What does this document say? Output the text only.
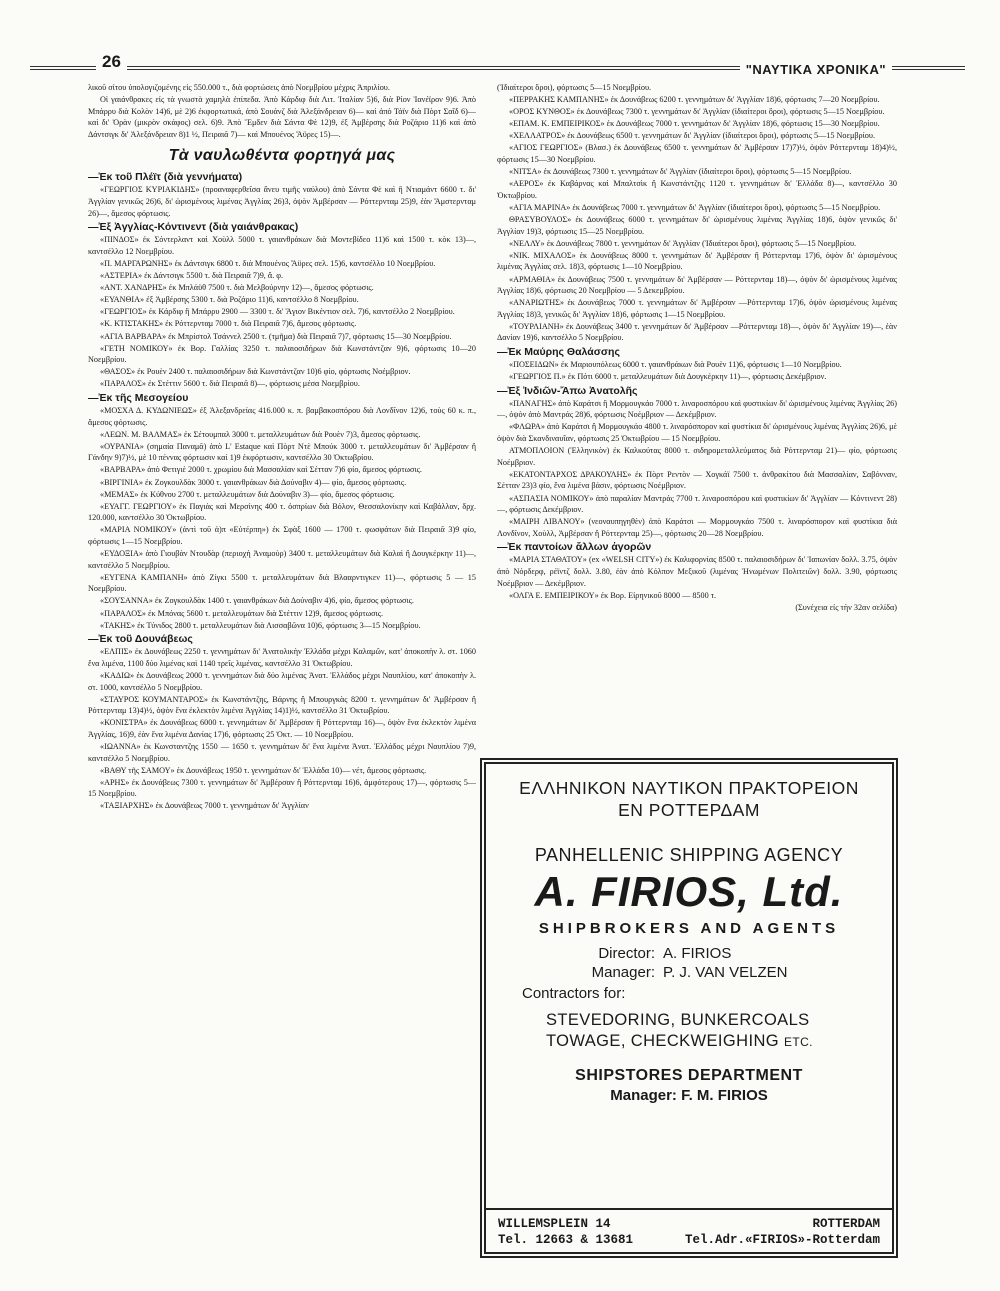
26	"ΝΑΥΤΙΚΑ ΧΡΟΝΙΚΑ"

λικοῦ σίτου ὑπολογιζομένης εἰς 550.000 τ., διὰ φορτώσεις ἀπὸ Νοεμβρίου μέχρις Ἀπριλίου.

Οἱ γαιάνθρακες εἰς τὰ γνωστὰ χαμηλὰ ἐπίπεδα. Ἀπὸ Κάρδιφ διὰ Λιτ. Ἰταλίαν 5)6, διὰ Ρίον Ἰανέϊρον 9)6. Ἀπὸ Μπάρρυ διὰ Κολὸν 14)6, μὲ 2)6 ἐκφορτωτικά, ἀπὸ Σουάνζ διὰ Ἀλεξάνδρειαν 6)— καὶ ἀπὸ Τάϊν διὰ Πὸρτ Σαΐδ 6)— καὶ δι' Ὀρὰν (μικρὸν σκάφος) σελ. 6)9. Ἀπὸ Ἔμδεν διὰ Σάντα Φὲ 12)9, ἐξ Ἀμβέρσης διὰ Ροζάριο 11)6 καὶ ἀπὸ Δάντσιγκ δι' Ἀλεξάνδρειαν 8)1 ½, Πειραιᾶ 7)— καὶ Μπουένος Ἄϋρες 15)—.

Τὰ ναυλωθέντα φορτηγά μας
—Ἐκ τοῦ Πλέϊτ (διὰ γεννήματα)

«ΓΕΩΡΓΙΟΣ ΚΥΡΙΑΚΙΔΗΣ» (προαναφερθεῖσα ἄνευ τιμῆς ναύλου) ἀπὸ Σάντα Φὲ καὶ ἢ Ντιαμάντ 6600 τ. δι' Ἀγγλίαν γενικῶς 26)6, δι' ὡρισμένους λιμένας Ἀγγλίας 26)3, ὀψὸν Ἀμβέρσαν — Ρόττερνταμ 25)9, ἐὰν Ἄμστερνταμ 26)—, ἄμεσος φόρτωσις.

—Ἐξ Ἀγγλίας-Κόντινεντ (διὰ γαιάνθρακας)

«ΠΙΝΔΟΣ» ἐκ Σόντερλαντ καὶ Χοὺλλ 5000 τ. γαιανθράκων διὰ Μοντεβίδεο 11)6 καὶ 1500 τ. κὸκ 13)—, καντσέλλο 12 Νοεμβρίου.

«Π. ΜΑΡΓΑΡΩΝΗΣ» ἐκ Δάντσιγκ 6800 τ. διὰ Μπουένος Ἄϋρες σελ. 15)6, καντσέλλο 10 Νοεμβρίου.

«ΑΣΤΕΡΙΑ» ἐκ Δάντσιγκ 5500 τ. διὰ Πειραιᾶ 7)9, ἄ. φ.

«ΑΝΤ. ΧΑΝΔΡΗΣ» ἐκ Μπλάϋθ 7500 τ. διὰ Μελβούρνην 12)—, ἄμεσος φόρτωσις.

«ΕΥΑΝΘΙΑ» ἐξ Ἀμβέρσης 5300 τ. διὰ Ροζάριο 11)6, καντσέλλο 8 Νοεμβρίου.

«ΓΕΩΡΓΙΟΣ» ἐκ Κάρδιφ ἢ Μπάρρυ 2900 — 3300 τ. δι' Ἅγιον Βικέντιον σελ. 7)6, καντσέλλο 2 Νοεμβρίου.

«Κ. ΚΤΙΣΤΑΚΗΣ» ἐκ Ρόττερνταμ 7000 τ. διὰ Πειραιᾶ 7)6, ἄμεσος φόρτωσις.

«ΑΓΙΑ ΒΑΡΒΑΡΑ» ἐκ Μπρίστολ Τσάννελ 2500 τ. (τμῆμα) διὰ Πειραιᾶ 7)7, φόρτωσις 15—30 Νοεμβρίου.

«ΓΕΤΗ ΝΟΜΙΚΟΥ» ἐκ Βορ. Γαλλίας 3250 τ. παλαιοσιδήρων διὰ Κωνστάντζαν 9)6, φόρτωσις 10—20 Νοεμβρίου.

«ΘΑΣΟΣ» ἐκ Ρουὲν 2400 τ. παλαιοσιδήρων διὰ Κωνστάντζαν 10)6 φίο, φόρτωσις Νοέμβριον.

«ΠΑΡΑΛΟΣ» ἐκ Στέττιν 5600 τ. διὰ Πειραιᾶ 8)—, φόρτωσις μέσα Νοεμβρίου.

—Ἐκ τῆς Μεσογείου

«ΜΟΣΧΑ Δ. ΚΥΔΩΝΙΕΩΣ» ἐξ Ἀλεξανδρείας 416.000 κ. π. βαμβακοσπόρου διὰ Λονδῖνον 12)6, τοὺς 60 κ. π., ἄμεσος φόρτωσις.

«ΛΕΩΝ. Μ. ΒΑΛΜΑΣ» ἐκ Σέτουμπαλ 3000 τ. μεταλλευμάτων διὰ Ρουὲν 7)3, ἄμεσος φόρτωσις.

«ΟΥΡΑΝΙΑ» (σημαία Παναμᾶ) ἀπὸ L' Estaque καὶ Πὸρτ Ντὲ Μπούκ 3000 τ. μεταλλευμάτων δι' Ἀμβέρσαν ἢ Γάνδην 9)7)½, μὲ 10 πέννας φόρτωσιν καὶ 1)9 ἐκφόρτωσιν, καντσέλλο 30 Ὀκτωβρίου.

«ΒΑΡΒΑΡΑ» ἀπὸ Φετιγιὲ 2000 τ. χρωμίου διὰ Μασσαλίαν καὶ Σέτταν 7)6 φίο, ἄμεσος φόρτωσις.

«ΒΙΡΓΙΝΙΑ» ἐκ Ζογκουλδὰκ 3000 τ. γαιανθράκων διὰ Δούναβιν 4)— φίο, ἄμεσος φόρτωσις.

«ΜΕΜΑΣ» ἐκ Κύθνου 2700 τ. μεταλλευμάτων διὰ Δούναβιν 3)— φίο, ἄμεσος φόρτωσις.

«ΕΥΑΓΓ. ΓΕΩΡΓΙΟΥ» ἐκ Παγιὰς καὶ Μερσίνης 400 τ. ὀσπρίων διὰ Βόλον, Θεσσαλονίκην καὶ Καβάλλαν, δρχ. 120.000, καντσέλλο 30 Ὀκτωβρίου.

«ΜΑΡΙΑ ΝΟΜΙΚΟΥ» (ἀντὶ τοῦ ἀ)π «Εὐτέρπη») ἐκ Σφὰξ 1600 — 1700 τ. φωσφάτων διὰ Πειραιᾶ 3)9 φίο, φόρτωσις 1—15 Νοεμβρίου.

«ΕΥΔΟΞΙΑ» ἀπὸ Γιουβὰν Ντουδὰρ (περιοχὴ Ἀναμοὺρ) 3400 τ. μεταλλευμάτων διὰ Καλαὶ ἢ Δουγκέρκην 11)—, καντσέλλο 5 Νοεμβρίου.

«ΕΥΓΕΝΑ ΚΑΜΠΑΝΗ» ἀπὸ Ζίγκι 5500 τ. μεταλλευμάτων διὰ Βλααρντιγκεν 11)—, φόρτωσις 5 — 15 Νοεμβρίου.

«ΣΟΥΣΑΝΝΑ» ἐκ Ζογκουλδὰκ 1400 τ. γαιανθράκων διὰ Δούναβιν 4)6, φίο, ἄμεσος φόρτωσις.

«ΠΑΡΑΛΟΣ» ἐκ Μπόνας 5600 τ. μεταλλευμάτων διὰ Στέττιν 12)9, ἄμεσος φόρτωσις.

«ΤΑΚΗΣ» ἐκ Τύνιδος 2800 τ. μεταλλευμάτων διὰ Λισσαβῶνα 10)6, φόρτωσις 3—15 Νοεμβρίου.

—Ἐκ τοῦ Δουνάβεως

«ΕΛΠΙΣ» ἐκ Δουνάβεως 2250 τ. γεννημάτων δι' Ἀνατολικὴν Ἑλλάδα μέχρι Καλαμῶν, κατ' ἀποκοπὴν λ. στ. 1060 ἕνα λιμένα, 1100 δύο λιμένας καὶ 1140 τρεῖς λιμένας, καντσέλλο 31 Ὀκτωβρίου.

«ΚΑΔΙΩ» ἐκ Δουνάβεως 2000 τ. γεννημάτων διὰ δύο λιμένας Ἀνατ. Ἑλλάδος μέχρι Ναυπλίου, κατ' ἀποκοπὴν λ. στ. 1000, καντσέλλο 5 Νοεμβρίου.

«ΣΤΑΥΡΟΣ ΚΟΥΜΑΝΤΑΡΟΣ» ἐκ Κωνστάντζης, Βάρνης ἢ Μπουργκὰς 8200 τ. γεννημάτων δι' Ἀμβέρσαν ἢ Ρόττερνταμ 13)4)½, ὀψὸν ἕνα ἐκλεκτὸν λιμένα Ἀγγλίας 14)1)½, καντσέλλο 31 Ὀκτωβρίου.

«ΚΟΝΙΣΤΡΑ» ἐκ Δουνάβεως 6000 τ. γεννημάτων δι' Ἀμβέρσαν ἢ Ρόττερνταμ 16)—, ὀψὸν ἕνα ἐκλεκτὸν λιμένα Ἀγγλίας, 16)9, ἐὰν ἕνα λιμένα Δανίας 17)6, φόρτωσις 25 Ὀκτ. — 10 Νοεμβρίου.

«ΙΩΑΝΝΑ» ἐκ Κωνσταντζης 1550 — 1650 τ. γεννημάτων δι' ἕνα λιμένα Ἀνατ. Ἑλλάδος μέχρι Ναυπλίου 7)9, καντσέλλο 5 Νοεμβρίου.

«ΒΑΘΥ τῆς ΣΑΜΟΥ» ἐκ Δουνάβεως 1950 τ. γεννημάτων δι' Ἑλλάδα 10)— νέτ, ἄμεσος φόρτωσις.

«ΑΡΗΣ» ἐκ Δουνάβεως 7300 τ. γεννημάτων δι' Ἀμβέρσαν ἢ Ρόττερνταμ 16)6, ἀμφότερους 17)—, φόρτωσις 5—15 Νοεμβρίου.

«ΤΑΞΙΑΡΧΗΣ» ἐκ Δουνάβεως 7000 τ. γεννημάτων δι' Ἀγγλίαν

(Ἰδιαίτεροι ὅροι), φόρτωσις 5—15 Νοεμβρίου.

«ΠΕΡΡΑΚΗΣ ΚΑΜΠΑΝΗΣ» ἐκ Δουνάβεως 6200 τ. γεννημάτων δι' Ἀγγλίαν 18)6, φόρτωσις 7—20 Νοεμβρίου.

«ΟΡΟΣ ΚΥΝΘΟΣ» ἐκ Δουνάβεως 7300 τ. γεννημάτων δι' Ἀγγλίαν (ἰδιαίτεροι ὅροι), φόρτωσις 5—15 Νοεμβρίου.

«ΕΠΑΜ. Κ. ΕΜΠΕΙΡΙΚΟΣ» ἐκ Δουνάβεως 7000 τ. γεννημάτων δι' Ἀγγλίαν 18)6, φόρτωσις 15—30 Νοεμβρίου.

«ΧΕΛΛΑΤΡΟΣ» ἐκ Δουνάβεως 6500 τ. γεννημάτων δι' Ἀγγλίαν (ἰδιαίτεροι ὅροι), φόρτωσις 5—15 Νοεμβρίου.

«ΑΓΙΟΣ ΓΕΩΡΓΙΟΣ» (Βλασ.) ἐκ Δουνάβεως 6500 τ. γεννημάτων δι' Ἀμβέρσαν 17)7)½, ὀψὸν Ρόττερνταμ 18)4)½, φόρτωσις 15—30 Νοεμβρίου.

«ΝΙΤΣΑ» ἐκ Δουνάβεως 7300 τ. γεννημάτων δι' Ἀγγλίαν (ἰδιαίτεροι ὅροι), φόρτωσις 5—15 Νοεμβρίου.

«ΑΕΡΟΣ» ἐκ Καβάρνας καὶ Μπαλτσὶκ ἢ Κωνστάντζης 1120 τ. γεννημάτων δι' Ἑλλάδα 8)—, καντσέλλο 30 Ὀκτωβρίου.

«ΑΓΙΑ ΜΑΡΙΝΑ» ἐκ Δουνάβεως 7000 τ. γεννημάτων δι' Ἀγγλίαν (ἰδιαίτεροι ὅροι), φόρτωσις 5—15 Νοεμβρίου.

ΘΡΑΣΥΒΟΥΛΟΣ» ἐκ Δουνάβεως 6000 τ. γεννημάτων δι' ὡρισμένους λιμένας Ἀγγλίας 18)6, ὀψὸν γενικῶς δι' Ἀγγλίαν 19)3, φόρτωσις 15—25 Νοεμβρίου.

«ΝΕΛΛΥ» ἐκ Δουνάβεως 7800 τ. γεννημάτων δι' Ἀγγλίαν (Ἰδιαίτεροι ὅροι), φόρτωσις 5—15 Νοεμβρίου.

«ΝΙΚ. ΜΙΧΑΛΟΣ» ἐκ Δουνάβεως 8000 τ. γεννημάτων δι' Ἀμβέρσαν ἢ Ρόττερνταμ 17)6, ὀψὸν δι' ὡρισμένους λιμένας Ἀγγλίας σελ. 18)3, φόρτωσις 1—10 Νοεμβρίου.

«ΑΡΜΑΘΙΑ» ἐκ Δουνάβεως 7500 τ. γεννημάτων δι' Ἀμβέρσαν — Ρόττερνταμ 18)—, ὀψὸν δι' ὡρισμένους λιμένας Ἀγγλίας 18)6, φόρτωσις 20 Νοεμβρίου — 5 Δεκεμβρίου.

«ΑΝΑΡΙΩΤΗΣ» ἐκ Δουνάβεως 7000 τ. γεννημάτων δι' Ἀμβέρσαν —Ρόττερνταμ 17)6, ὀψὸν ὡρισμένους λιμένας Ἀγγλίας 18)3, γενικῶς δι' Ἀγγλίαν 18)6, φόρτωσις 1—15 Νοεμβρίου.

«ΤΟΥΡΛΙΑΝΗ» ἐκ Δουνάβεως 3400 τ. γεννημάτων δι' Ἀμβέρσαν —Ρόττερνταμ 18)—, ὀψὸν δι' Ἀγγλίαν 19)—, ἐὰν Δανίαν 19)6, καντσέλλο 5 Νοεμβρίου.

—Ἐκ Μαύρης Θαλάσσης

«ΠΟΣΕΙΔΩΝ» ἐκ Μαριουπόλεως 6000 τ. γαιανθράκων διὰ Ρουὲν 11)6, φόρτωσις 1—10 Νοεμβρίου.

«ΓΕΩΡΓΙΟΣ Π.» ἐκ Πότι 6000 τ. μεταλλευμάτων διὰ Δουγκέρκην 11)—, φόρτωσις Δεκέμβριον.

—Ἐξ Ἰνδιῶν-Ἄπω Ἀνατολῆς

«ΠΑΝΑΓΗΣ» ἀπὸ Καράτσι ἢ Μορμουγκάο 7000 τ. λιναροσπόρου καὶ φυστικίων δι' ὡρισμένους λιμένας Ἀγγλίας 26)—, ὀψὸν ἀπὸ Μαντράς 28)6, φόρτωσις Νοέμβριον — Δεκέμβριον.

«ΦΛΩΡΑ» ἀπὸ Καράτσι ἢ Μορμουγκάο 4800 τ. λιναρόσπορον καὶ φυστίκια δι' ὡρισμένους λιμένας Ἀγγλίας 26)6, μὲ ὀψὸν διὰ Σκανδιναυΐαν, φόρτωσις 25 Ὀκτωβρίου — 15 Νοεμβρίου.

ΑΤΜΟΠΛΟΙΟΝ (Ἑλληνικὸν) ἐκ Καλκούτας 8000 τ. σιδηρομεταλλεύματος διὰ Ρόττερνταμ 21)— φίο, φόρτωσις Νοέμβριον.

«ΕΚΑΤΟΝΤΑΡΧΟΣ ΔΡΑΚΟΥΛΗΣ» ἐκ Πὸρτ Ρεντὸν — Χογκάϊ 7500 τ. ἀνθρακίτου διὰ Μασσαλίαν, Σαβόνναν, Σέτταν 23)3 φίο, ἕνα λιμένα βάσιν, φόρτωσις Νοέμβριον.

«ΑΣΠΑΣΙΑ ΝΟΜΙΚΟΥ» ἀπὸ παραλίαν Μαντράς 7700 τ. λιναροσπόρου καὶ φυστικίων δι' Ἀγγλίαν — Κόντινεντ 28)—, φόρτωσις Δεκέμβριον.

«ΜΑΙΡΗ ΛΙΒΑΝΟΥ» (νεοναυπηγηθὲν) ἀπὸ Καράτσι — Μορμουγκάο 7500 τ. λιναρόσπορον καὶ φυστίκια διὰ Λονδῖνον, Χοὺλλ, Ἀμβέρσαν ἢ Ρόττερνταμ 25)—, φόρτωσις 20—28 Νοεμβρίου.

—Ἐκ παντοίων ἄλλων ἀγορῶν

«ΜΑΡΙΑ ΣΤΑΘΑΤΟΥ» (ex «WELSH CITY») ἐκ Καλιφορνίας 8500 τ. παλαιοσιδήρων δι' Ἰαπωνίαν δολλ. 3.75, ὀψὸν ἀπὸ Νόρδερφ, ρέϊντζ δολλ. 3.80, ἐὰν ἀπὸ Κόλπον Μεξικοῦ (λιμένας Ἡνωμένων Πολιτειῶν) δολλ. 3.90, φόρτωσις Νοέμβριον — Δεκέμβριον.

«ΟΛΓΑ Ε. ΕΜΠΕΙΡΙΚΟΥ» ἐκ Βορ. Εἰρηνικοῦ 8000 — 8500 τ.

(Συνέχεια εἰς τὴν 32αν σελίδα)

ΕΛΛΗΝΙΚΟΝ ΝΑΥΤΙΚΟΝ ΠΡΑΚΤΟΡΕΙΟΝ
ΕΝ ΡΟΤΤΕΡΔΑΜ
PANHELLENIC SHIPPING AGENCY
A. FIRIOS, Ltd.
SHIPBROKERS AND AGENTS
Director: A. FIRIOS
Manager: P. J. VAN VELZEN
Contractors for:
STEVEDORING, BUNKERCOALS
TOWAGE, CHECKWEIGHING ETC.
SHIPSTORES DEPARTMENT
Manager: F. M. FIRIOS
WILLEMSPLEIN 14	ROTTERDAM
Tel. 12663 & 13681	Tel.Adr.«FIRIOS»-Rotterdam
